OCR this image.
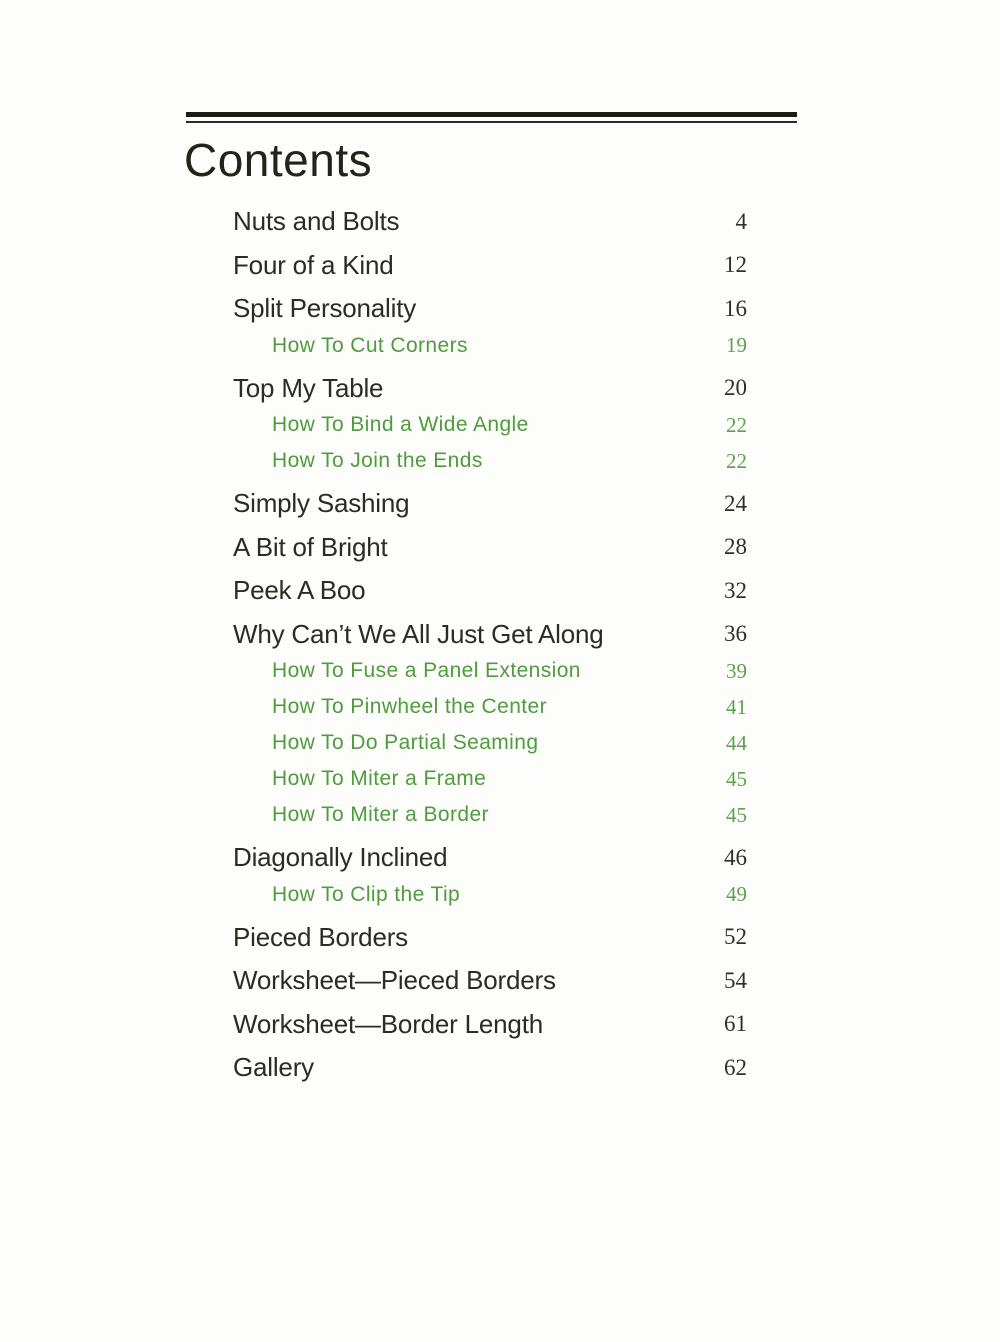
Contents
Nuts and Bolts	4
Four of a Kind	12
Split Personality	16
How To Cut Corners	19
Top My Table	20
How To Bind a Wide Angle	22
How To Join the Ends	22
Simply Sashing	24
A Bit of Bright	28
Peek A Boo	32
Why Can’t We All Just Get Along	36
How To Fuse a Panel Extension	39
How To Pinwheel the Center	41
How To Do Partial Seaming	44
How To Miter a Frame	45
How To Miter a Border	45
Diagonally Inclined	46
How To Clip the Tip	49
Pieced Borders	52
Worksheet—Pieced Borders	54
Worksheet—Border Length	61
Gallery	62
